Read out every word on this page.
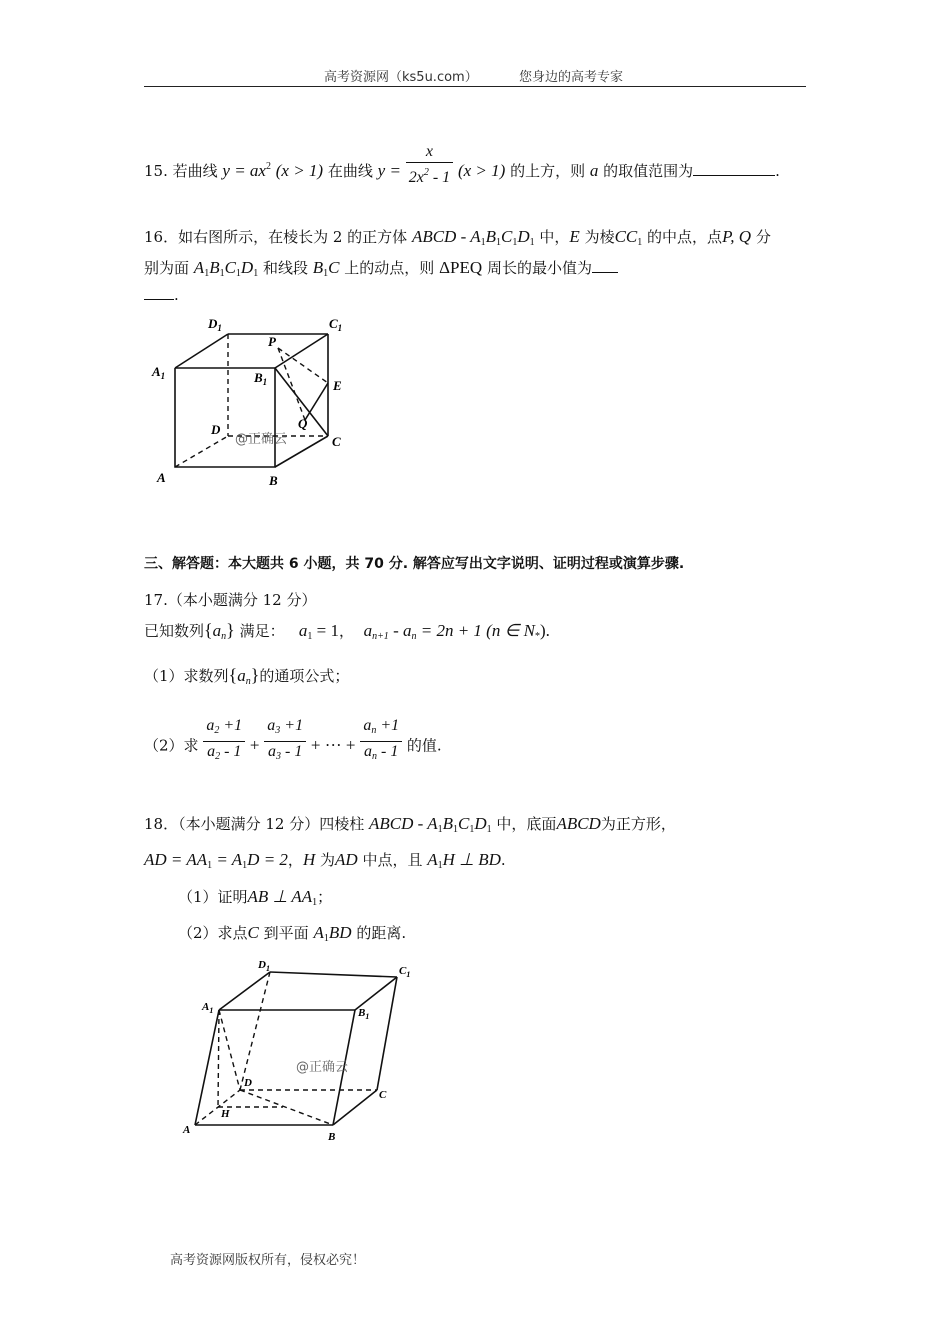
高考资源网（ks5u.com）	您身边的高考专家
15. 若曲线 $y = ax^2$ (x > 1) 在曲线 $y = \frac{x}{2x^2 - 1} (x > 1)$ 的上方，则 a 的取值范围为	.
16．如右图所示，在棱长为 2 的正方体 ABCD - $A_1B_1C_1D_1$ 中，E 为棱$CC_1$ 的中点，点P, Q 分
别为面 $A_1B_1C_1D_1$ 和线段 $B_1C$ 上的动点，则 ΔPEQ 周长的最小值为
.
$D_1$	$C_1$
$A_1$	$B_1$
P
E
D	Q
C
A	B
@正确云
三、解答题：本大题共 6 小题，共 70 分. 解答应写出文字说明、证明过程或演算步骤.
17.（本小题满分 12 分）
已知数列$\{a_n\}$ 满足： $a_1 = 1$， $a_{n+1} - a_n = 2n + 1$ (n ∈ $N_*$).
（1）求数列$\{a_n\}$的通项公式；
（2）求 $\frac{a_2 +1}{a_2 - 1} + \frac{a_3 +1}{a_3 - 1}$ + ··· + $\frac{a_n +1}{a_n - 1}$ 的值.
18．（本小题满分 12 分）四棱柱 ABCD - $A_1B_1C_1D_1$ 中，底面ABCD为正方形，
AD = $AA_1 = A_1D = 2$，H 为AD 中点，且 $A_1H$ ⊥ BD.
（1）证明AB ⊥ $AA_1$；
（2）求点C 到平面 $A_1BD$ 的距离.
$D_1$	$C_1$
$A_1$	$B_1$
D
C
H
A
B
@正确云
高考资源网版权所有，侵权必究！
